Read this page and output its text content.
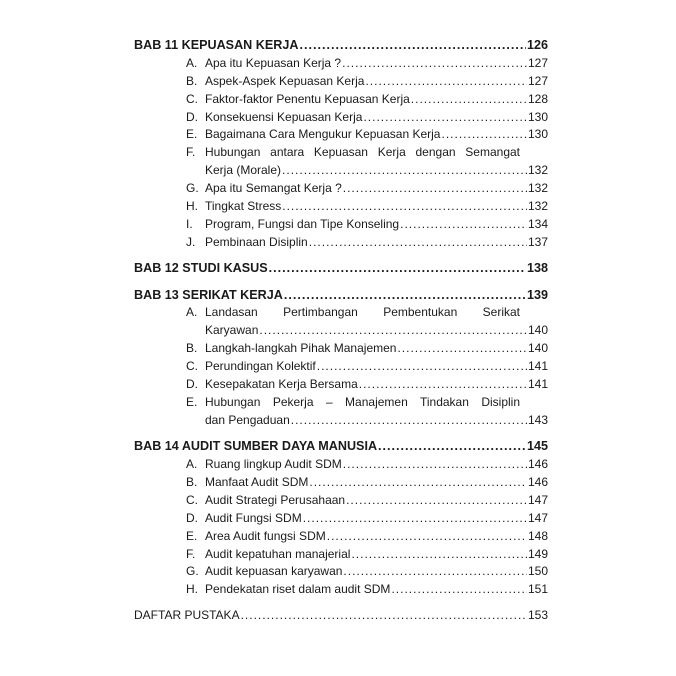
BAB 11 KEPUASAN KERJA .....	126
A. Apa itu Kepuasan Kerja ? .....	127
B. Aspek-Aspek Kepuasan Kerja .....	127
C. Faktor-faktor Penentu Kepuasan Kerja .....	128
D. Konsekuensi Kepuasan Kerja .....	130
E. Bagaimana Cara Mengukur Kepuasan Kerja .....	130
F. Hubungan antara Kepuasan Kerja dengan Semangat
Kerja (Morale) .....	132
G. Apa itu Semangat Kerja ? .....	132
H. Tingkat Stress .....	132
I.	Program, Fungsi dan Tipe Konseling .....	134
J. Pembinaan Disiplin .....	137
BAB 12 STUDI KASUS .....	138
BAB 13 SERIKAT KERJA .....	139
A. Landasan Pertimbangan Pembentukan Serikat
Karyawan .....	140
B. Langkah-langkah Pihak Manajemen .....	140
C. Perundingan Kolektif .....	141
D. Kesepakatan Kerja Bersama .....	141
E. Hubungan Pekerja – Manajemen Tindakan Disiplin
dan Pengaduan .....	143
BAB 14 AUDIT SUMBER DAYA MANUSIA .....	145
A. Ruang lingkup Audit SDM .....	146
B. Manfaat Audit SDM .....	146
C. Audit Strategi Perusahaan .....	147
D. Audit Fungsi SDM .....	147
E. Area Audit fungsi SDM .....	148
F. Audit kepatuhan manajerial .....	149
G. Audit kepuasan karyawan .....	150
H. Pendekatan riset dalam audit SDM .....	151
DAFTAR PUSTAKA .....	153
